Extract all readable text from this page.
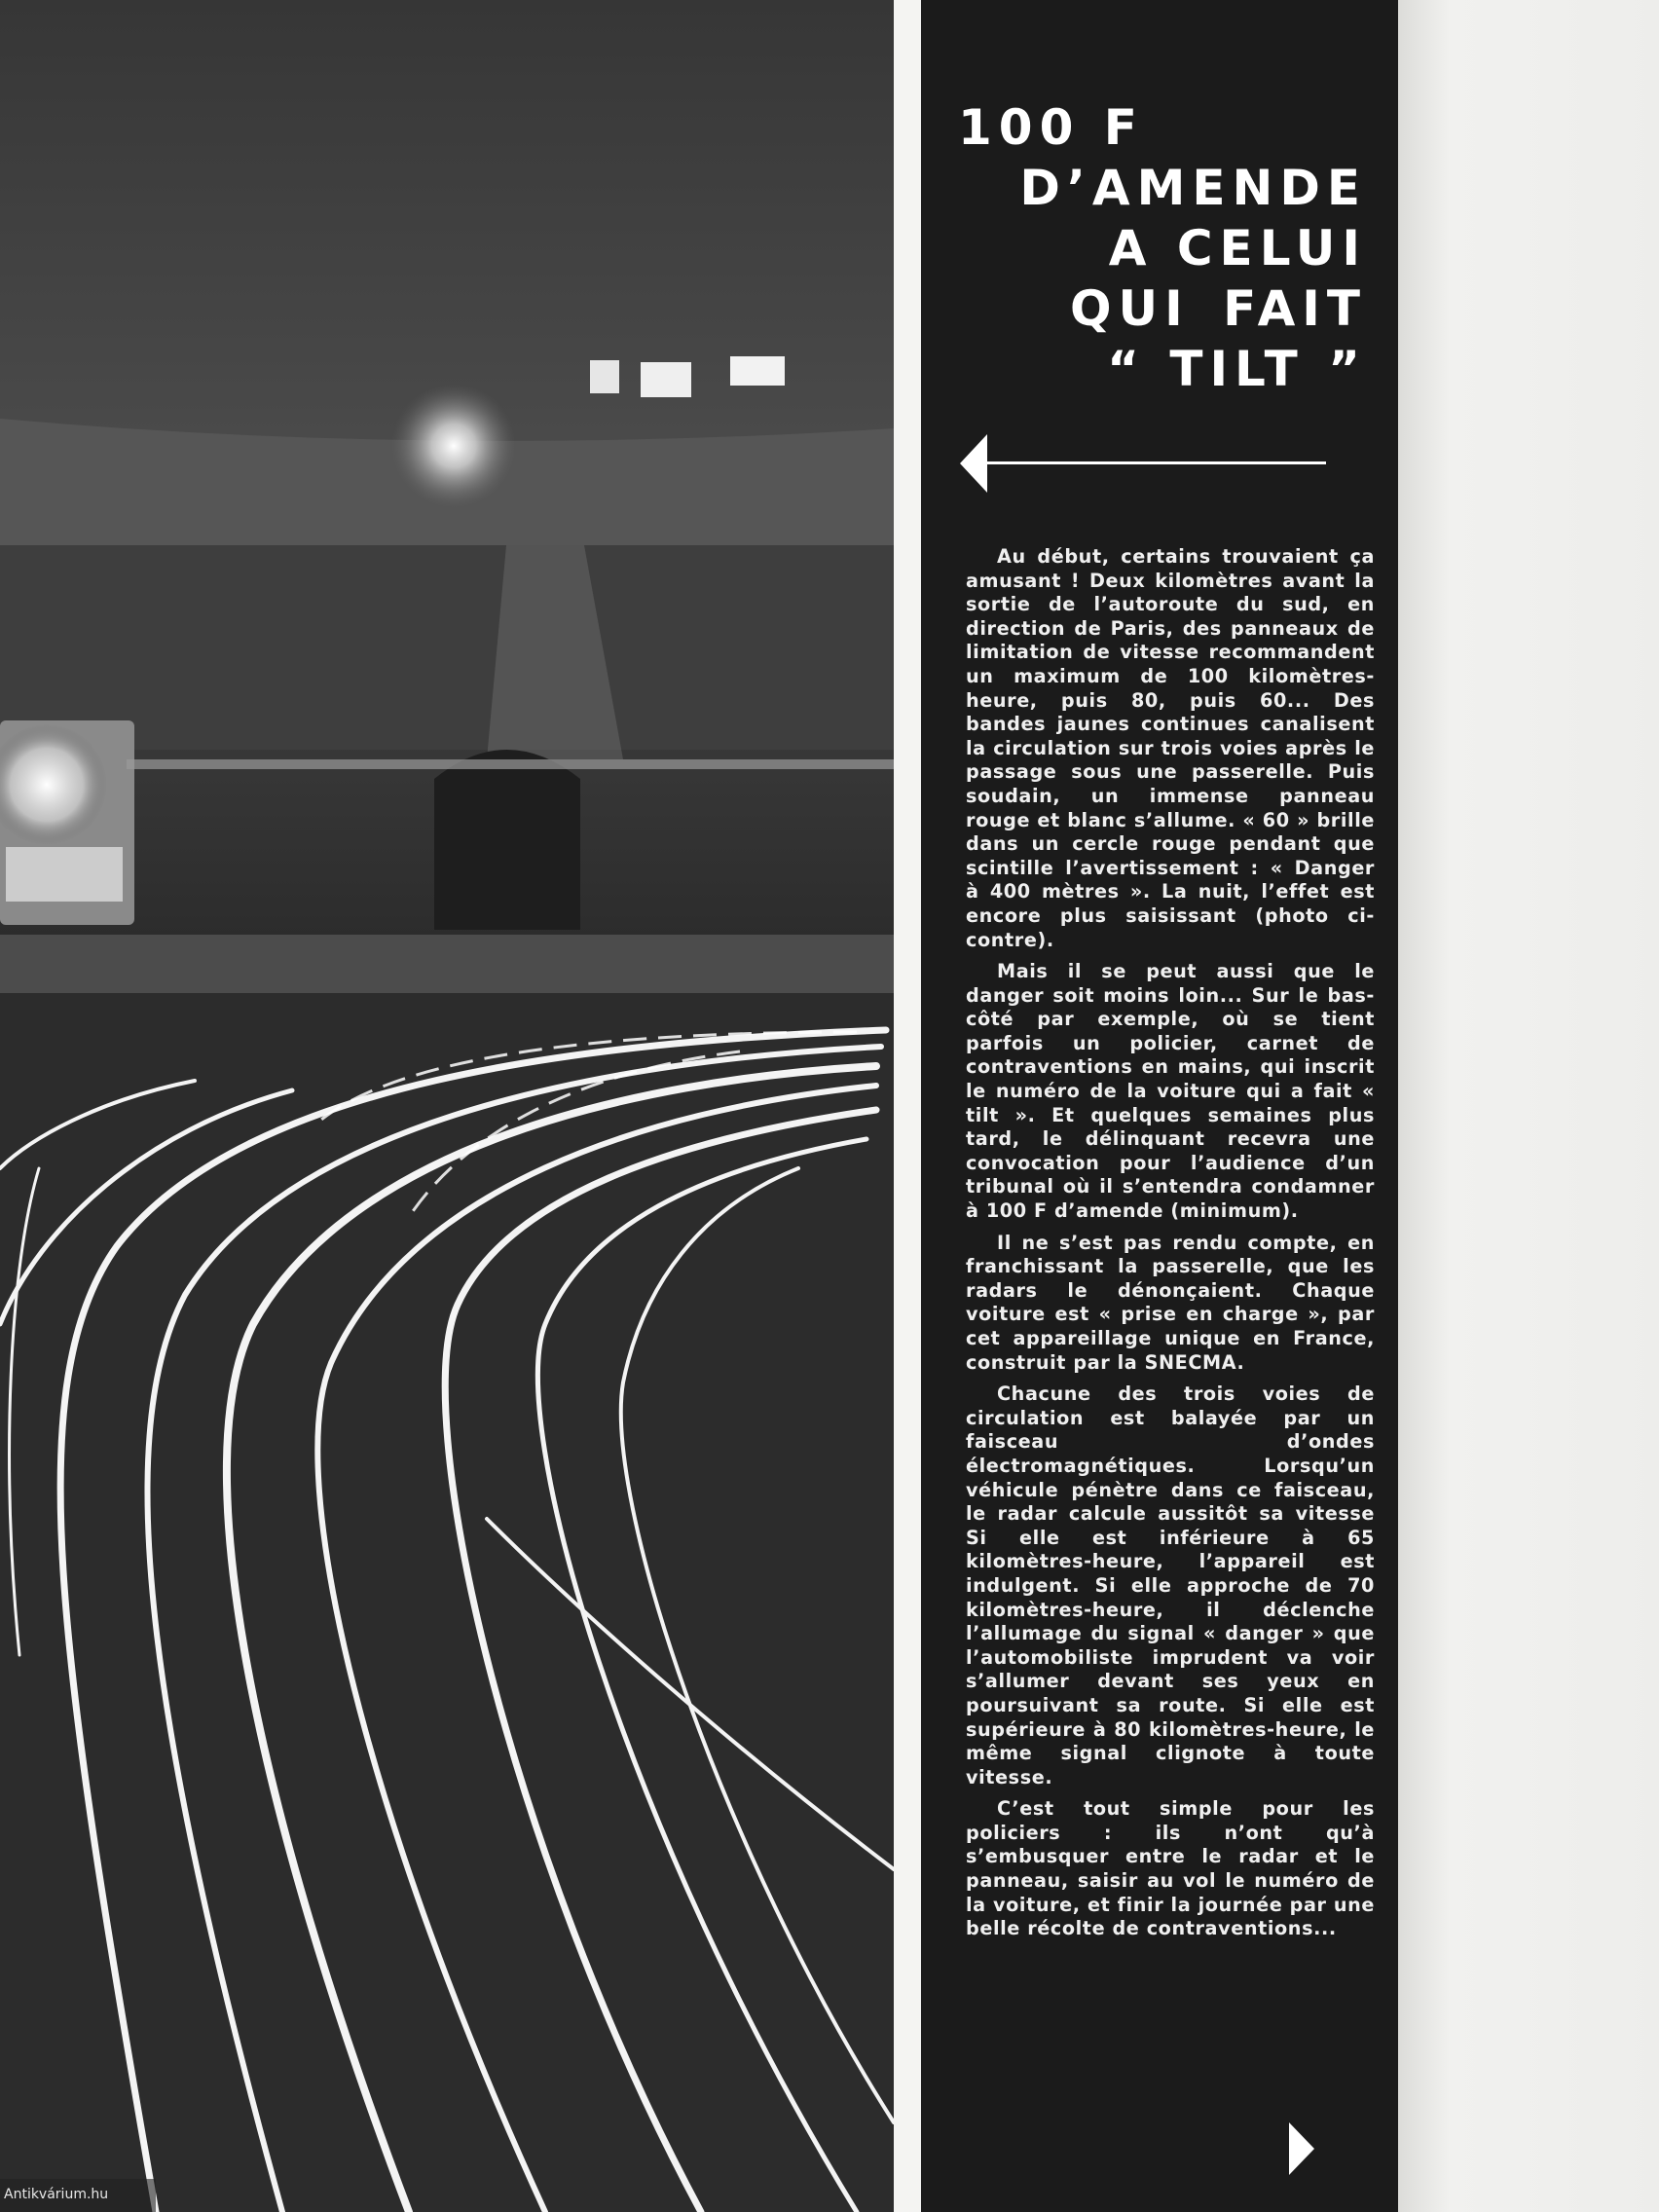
100 F
D’AMENDE
A CELUI
QUI FAIT
“ TILT ”

Au début, certains trouvaient ça amusant ! Deux kilomètres avant la sortie de l’autoroute du sud, en direction de Paris, des panneaux de limitation de vitesse recommandent un maximum de 100 kilomètres-heure, puis 80, puis 60... Des bandes jaunes continues canalisent la circulation sur trois voies après le passage sous une passerelle. Puis soudain, un immense panneau rouge et blanc s’allume. « 60 » brille dans un cercle rouge pendant que scintille l’avertissement : « Danger à 400 mètres ». La nuit, l’effet est encore plus saisissant (photo ci-contre).

Mais il se peut aussi que le danger soit moins loin... Sur le bas-côté par exemple, où se tient parfois un policier, carnet de contraventions en mains, qui inscrit le numéro de la voiture qui a fait « tilt ». Et quelques semaines plus tard, le délinquant recevra une convocation pour l’audience d’un tribunal où il s’entendra condamner à 100 F d’amende (minimum).

Il ne s’est pas rendu compte, en franchissant la passerelle, que les radars le dénonçaient. Chaque voiture est « prise en charge », par cet appareillage unique en France, construit par la SNECMA.

Chacune des trois voies de circulation est balayée par un faisceau d’ondes électromagnétiques. Lorsqu’un véhicule pénètre dans ce faisceau, le radar calcule aussitôt sa vitesse Si elle est inférieure à 65 kilomètres-heure, l’appareil est indulgent. Si elle approche de 70 kilomètres-heure, il déclenche l’allumage du signal « danger » que l’automobiliste imprudent va voir s’allumer devant ses yeux en poursuivant sa route. Si elle est supérieure à 80 kilomètres-heure, le même signal clignote à toute vitesse.

C’est tout simple pour les policiers : ils n’ont qu’à s’embusquer entre le radar et le panneau, saisir au vol le numéro de la voiture, et finir la journée par une belle récolte de contraventions...

Antikvárium.hu
